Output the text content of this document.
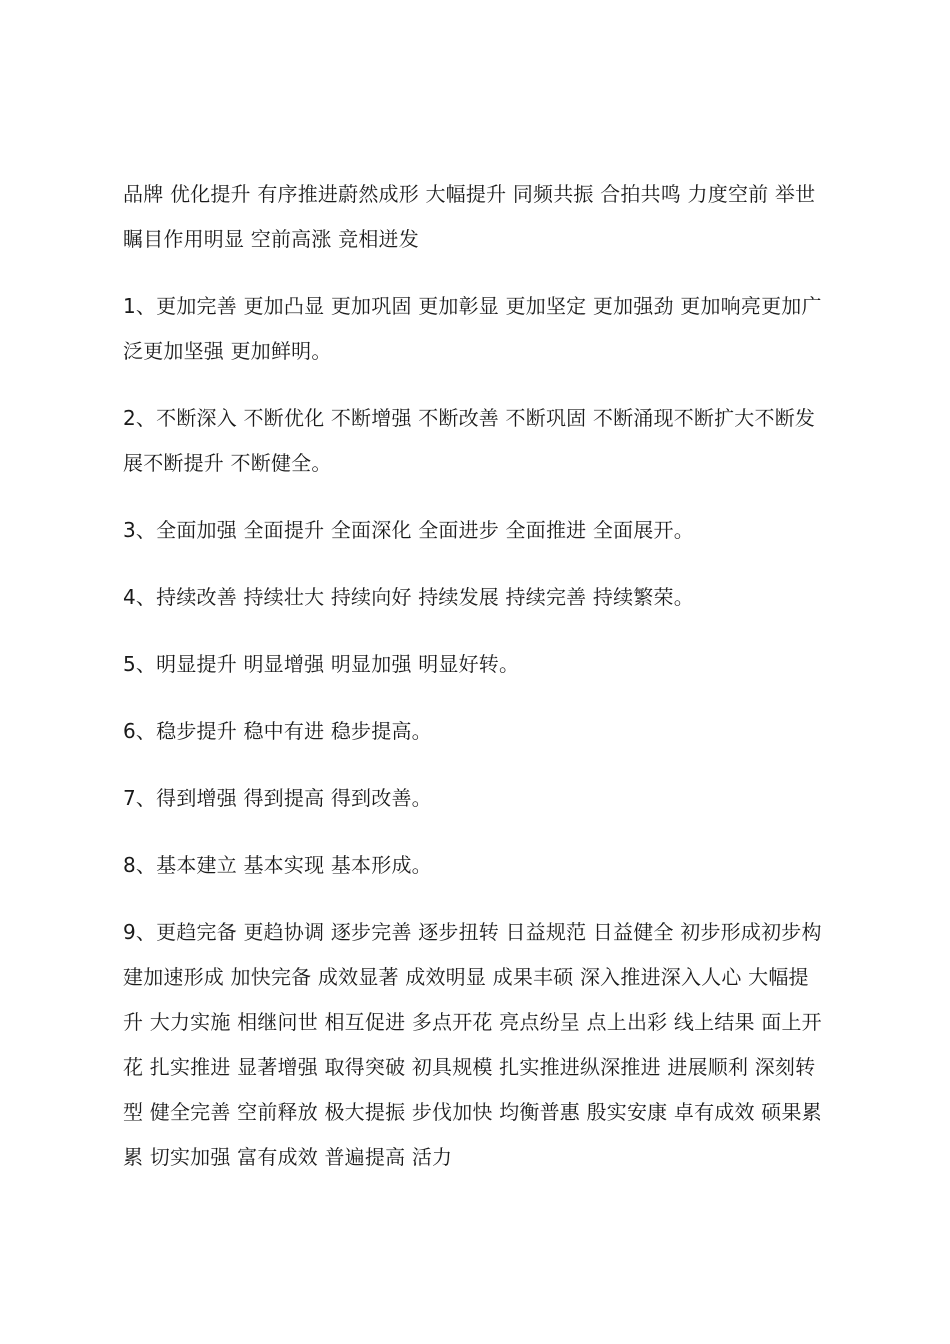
品牌 优化提升 有序推进蔚然成形 大幅提升 同频共振 合拍共鸣 力度空前 举世瞩目作用明显 空前高涨 竞相迸发

1、更加完善 更加凸显 更加巩固 更加彰显 更加坚定 更加强劲 更加响亮更加广泛更加坚强 更加鲜明。

2、不断深入 不断优化 不断增强 不断改善 不断巩固 不断涌现不断扩大不断发展不断提升 不断健全。

3、全面加强 全面提升 全面深化 全面进步 全面推进 全面展开。

4、持续改善 持续壮大 持续向好 持续发展 持续完善 持续繁荣。

5、明显提升 明显增强 明显加强 明显好转。

6、稳步提升 稳中有进 稳步提高。

7、得到增强 得到提高 得到改善。

8、基本建立 基本实现 基本形成。

9、更趋完备 更趋协调 逐步完善 逐步扭转 日益规范 日益健全 初步形成初步构建加速形成 加快完备 成效显著 成效明显 成果丰硕 深入推进深入人心 大幅提升 大力实施 相继问世 相互促进 多点开花 亮点纷呈 点上出彩 线上结果 面上开花 扎实推进 显著增强 取得突破 初具规模 扎实推进纵深推进 进展顺利 深刻转型 健全完善 空前释放 极大提振 步伐加快 均衡普惠 殷实安康 卓有成效 硕果累累 切实加强 富有成效 普遍提高 活力
